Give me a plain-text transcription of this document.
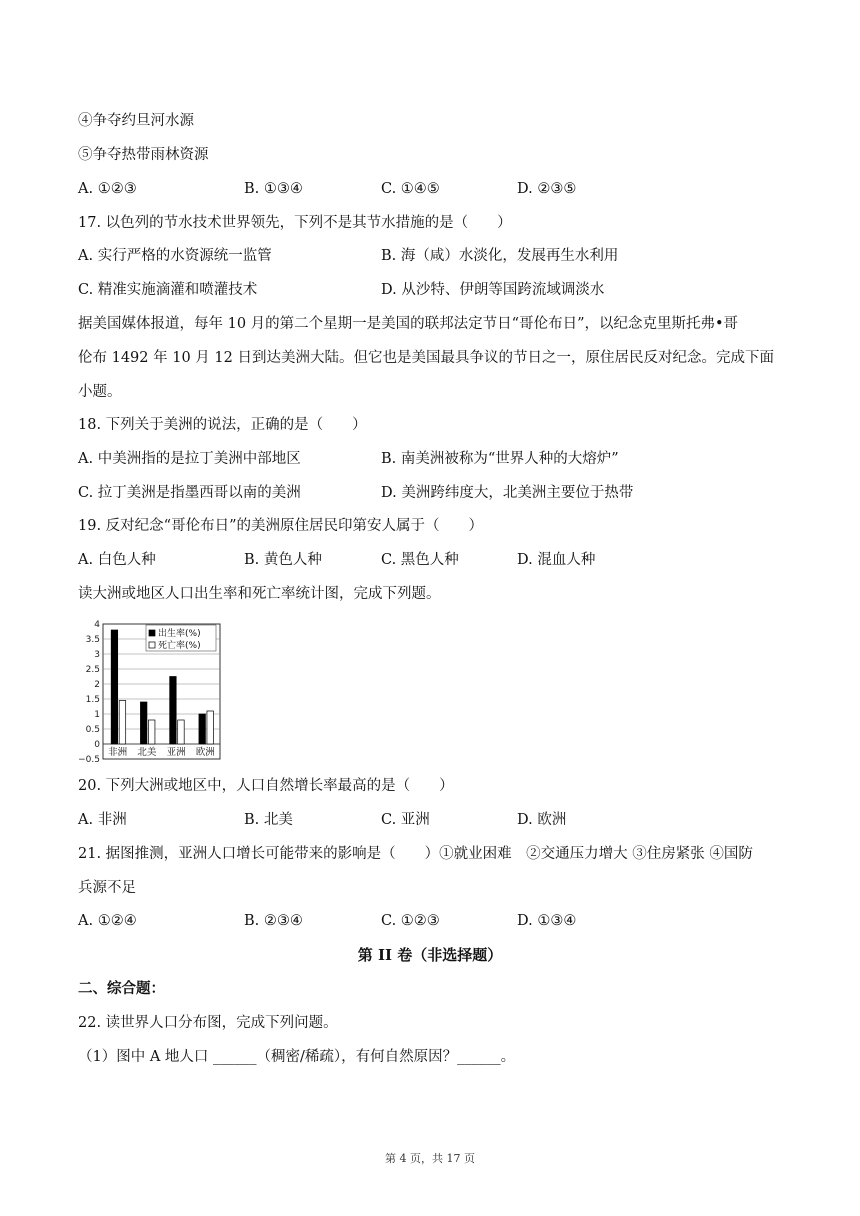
④争夺约旦河水源
⑤争夺热带雨林资源
A. ①②③	B. ①③④	C. ①④⑤	D. ②③⑤
17. 以色列的节水技术世界领先，下列不是其节水措施的是（　　）
A. 实行严格的水资源统一监管	B. 海（咸）水淡化，发展再生水利用
C. 精准实施滴灌和喷灌技术	D. 从沙特、伊朗等国跨流域调淡水
据美国媒体报道，每年 10 月的第二个星期一是美国的联邦法定节日“哥伦布日”，以纪念克里斯托弗•哥
伦布 1492 年 10 月 12 日到达美洲大陆。但它也是美国最具争议的节日之一，原住居民反对纪念。完成下面
小题。
18. 下列关于美洲的说法，正确的是（　　）
A. 中美洲指的是拉丁美洲中部地区	B. 南美洲被称为“世界人种的大熔炉”
C. 拉丁美洲是指墨西哥以南的美洲	D. 美洲跨纬度大，北美洲主要位于热带
19. 反对纪念“哥伦布日”的美洲原住居民印第安人属于（　　）
A. 白色人种	B. 黄色人种	C. 黑色人种	D. 混血人种
读大洲或地区人口出生率和死亡率统计图，完成下列题。
4
3.5
3
2.5
2
1.5
1
0.5
0
−0.5
非洲 北美 亚洲 欧洲
出生率(%)
死亡率(%)
20. 下列大洲或地区中，人口自然增长率最高的是（　　）
A. 非洲	B. 北美	C. 亚洲	D. 欧洲
21. 据图推测，亚洲人口增长可能带来的影响是（　　）①就业困难　②交通压力增大 ③住房紧张 ④国防
兵源不足
A. ①②④	B. ②③④	C. ①②③	D. ①③④
第 II 卷（非选择题）
二、综合题：
22. 读世界人口分布图，完成下列问题。
（1）图中 A 地人口 ______（稠密/稀疏），有何自然原因？______。
第 4 页，共 17 页
